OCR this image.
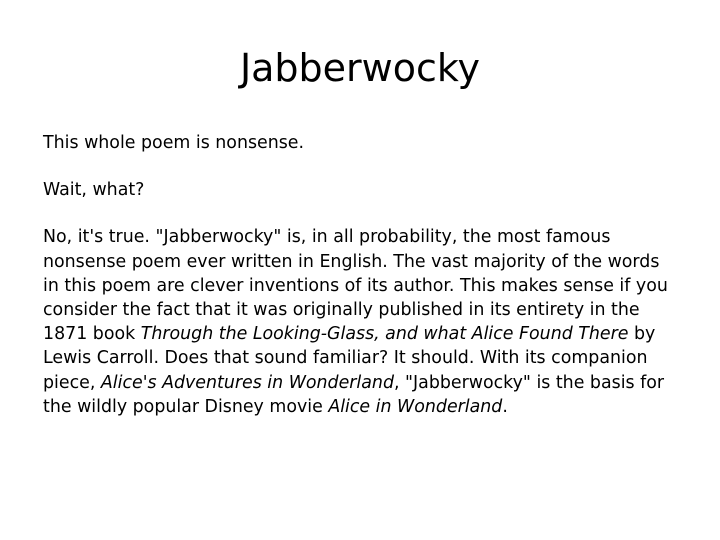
Jabberwocky

This whole poem is nonsense.

Wait, what?

No, it's true. "Jabberwocky" is, in all probability, the most famous nonsense poem ever written in English. The vast majority of the words in this poem are clever inventions of its author. This makes sense if you consider the fact that it was originally published in its entirety in the 1871 book Through the Looking-Glass, and what Alice Found There by Lewis Carroll. Does that sound familiar? It should. With its companion piece, Alice's Adventures in Wonderland, "Jabberwocky" is the basis for the wildly popular Disney movie Alice in Wonderland.
